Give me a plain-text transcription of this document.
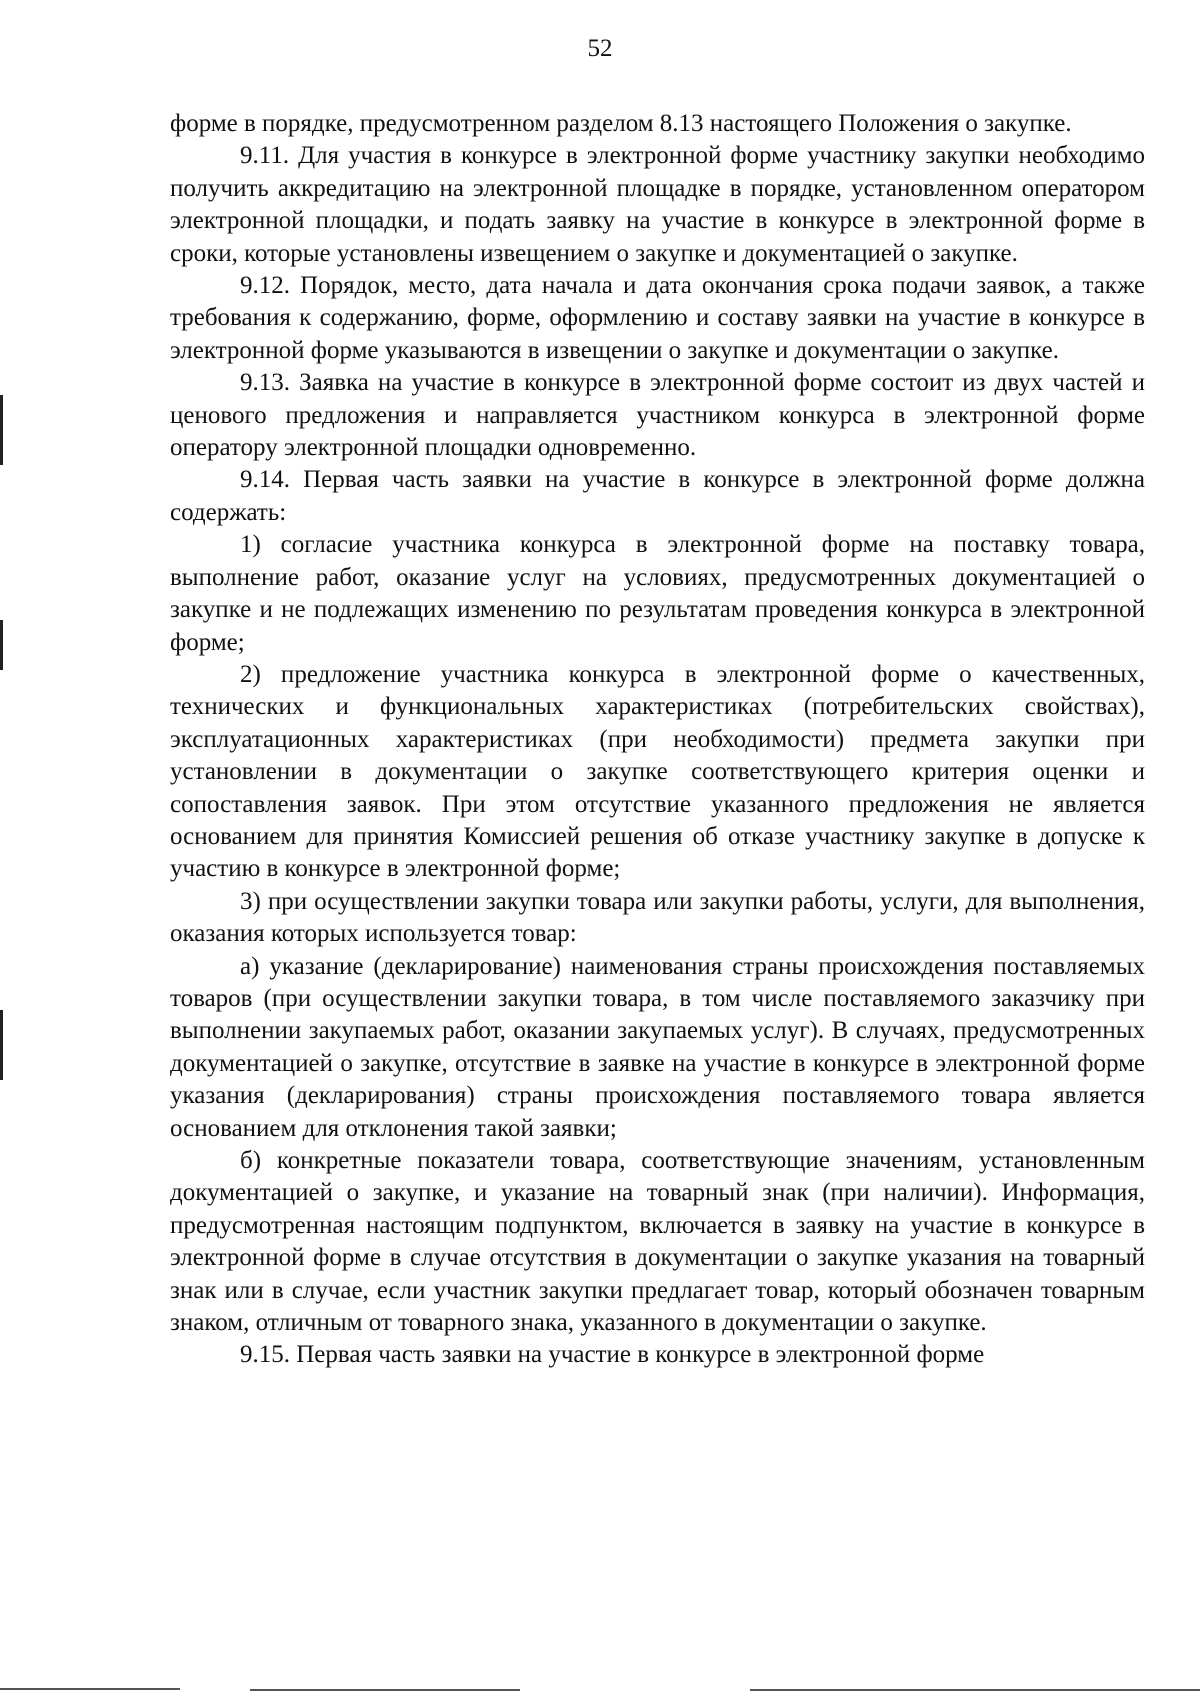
52

форме в порядке, предусмотренном разделом 8.13 настоящего Положения о закупке.

9.11. Для участия в конкурсе в электронной форме участнику закупки необходимо получить аккредитацию на электронной площадке в порядке, установленном оператором электронной площадки, и подать заявку на участие в конкурсе в электронной форме в сроки, которые установлены извещением о закупке и документацией о закупке.

9.12. Порядок, место, дата начала и дата окончания срока подачи заявок, а также требования к содержанию, форме, оформлению и составу заявки на участие в конкурсе в электронной форме указываются в извещении о закупке и документации о закупке.

9.13. Заявка на участие в конкурсе в электронной форме состоит из двух частей и ценового предложения и направляется участником конкурса в электронной форме оператору электронной площадки одновременно.

9.14. Первая часть заявки на участие в конкурсе в электронной форме должна содержать:

1) согласие участника конкурса в электронной форме на поставку товара, выполнение работ, оказание услуг на условиях, предусмотренных документацией о закупке и не подлежащих изменению по результатам проведения конкурса в электронной форме;

2) предложение участника конкурса в электронной форме о качественных, технических и функциональных характеристиках (потребительских свойствах), эксплуатационных характеристиках (при необходимости) предмета закупки при установлении в документации о закупке соответствующего критерия оценки и сопоставления заявок. При этом отсутствие указанного предложения не является основанием для принятия Комиссией решения об отказе участнику закупке в допуске к участию в конкурсе в электронной форме;

3) при осуществлении закупки товара или закупки работы, услуги, для выполнения, оказания которых используется товар:

а) указание (декларирование) наименования страны происхождения поставляемых товаров (при осуществлении закупки товара, в том числе поставляемого заказчику при выполнении закупаемых работ, оказании закупаемых услуг). В случаях, предусмотренных документацией о закупке, отсутствие в заявке на участие в конкурсе в электронной форме указания (декларирования) страны происхождения поставляемого товара является основанием для отклонения такой заявки;

б) конкретные показатели товара, соответствующие значениям, установленным документацией о закупке, и указание на товарный знак (при наличии). Информация, предусмотренная настоящим подпунктом, включается в заявку на участие в конкурсе в электронной форме в случае отсутствия в документации о закупке указания на товарный знак или в случае, если участник закупки предлагает товар, который обозначен товарным знаком, отличным от товарного знака, указанного в документации о закупке.

9.15. Первая часть заявки на участие в конкурсе в электронной форме
